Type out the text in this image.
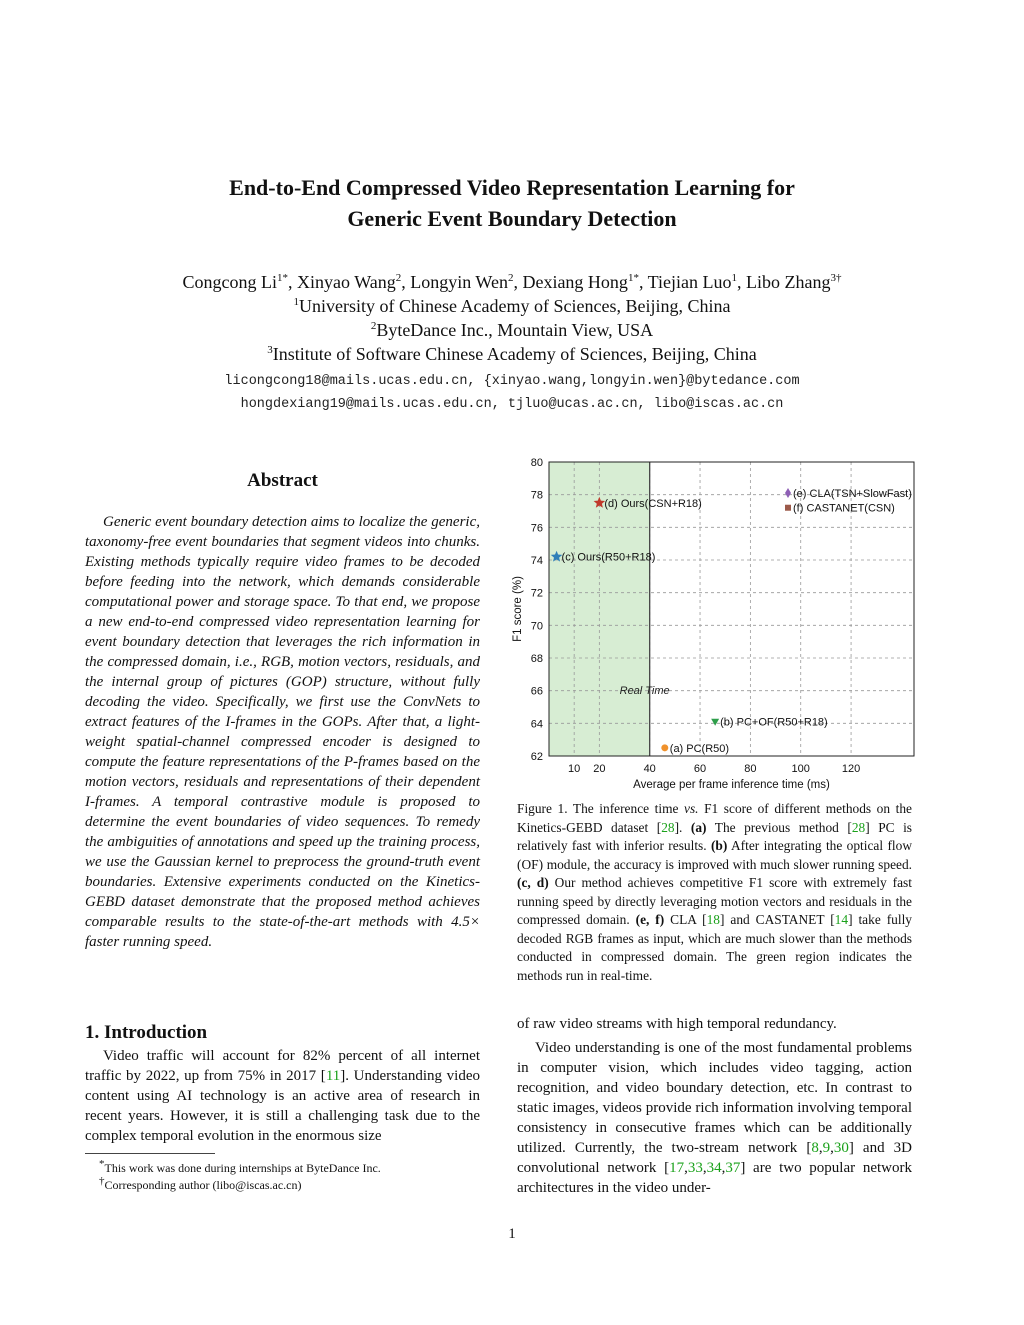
End-to-End Compressed Video Representation Learning for
Generic Event Boundary Detection
Congcong $Li^{1*}$, Xinyao Wang$^2$, Longyin Wen$^2$, Dexiang Hong$^{1*}$, Tiejian Luo$^1$, Libo Zhang$^{3\dagger}$
$^1$University of Chinese Academy of Sciences, Beijing, China
$^2$ByteDance Inc., Mountain View, USA
$^3$Institute of Software Chinese Academy of Sciences, Beijing, China
licongcong18@mails.ucas.edu.cn, {xinyao.wang,longyin.wen}@bytedance.com
hongdexiang19@mails.ucas.edu.cn, tjluo@ucas.ac.cn, libo@iscas.ac.cn
Abstract

Generic event boundary detection aims to localize the generic, taxonomy-free event boundaries that segment videos into chunks. Existing methods typically require video frames to be decoded before feeding into the network, which demands considerable computational power and storage space. To that end, we propose a new end-to-end compressed video representation learning for event boundary detection that leverages the rich information in the compressed domain, i.e., RGB, motion vectors, residuals, and the internal group of pictures (GOP) structure, without fully decoding the video. Specifically, we first use the ConvNets to extract features of the I-frames in the GOPs. After that, a light-weight spatial-channel compressed encoder is designed to compute the feature representations of the P-frames based on the motion vectors, residuals and representations of their dependent I-frames. A temporal contrastive module is proposed to determine the event boundaries of video sequences. To remedy the ambiguities of annotations and speed up the training process, we use the Gaussian kernel to preprocess the ground-truth event boundaries. Extensive experiments conducted on the Kinetics-GEBD dataset demonstrate that the proposed method achieves comparable results to the state-of-the-art methods with 4.5× faster running speed.

1. Introduction

Video traffic will account for 82% percent of all internet traffic by 2022, up from 75% in 2017 [11]. Understanding video content using AI technology is an active area of research in recent years. However, it is still a challenging task due to the complex temporal evolution in the enormous size

*This work was done during internships at ByteDance Inc.
†Corresponding author (libo@iscas.ac.cn)
62
64
66
68
70
72
74
76
78
80
10 20	40	60	80	100	120
Average per frame inference time (ms)
F1 score (%)
Real Time
(a) PC(R50)
(b) PC+OF(R50+R18)
(c) Ours(R50+R18)
(d) Ours(CSN+R18)
(e) CLA(TSN+SlowFast)
(f) CASTANET(CSN)
Figure 1. The inference time vs. F1 score of different methods on the Kinetics-GEBD dataset [28]. (a) The previous method [28] PC is relatively fast with inferior results. (b) After integrating the optical flow (OF) module, the accuracy is improved with much slower running speed. (c, d) Our method achieves competitive F1 score with extremely fast running speed by directly leveraging motion vectors and residuals in the compressed domain. (e, f) CLA [18] and CASTANET [14] take fully decoded RGB frames as input, which are much slower than the methods conducted in compressed domain. The green region indicates the methods run in real-time.

of raw video streams with high temporal redundancy.

Video understanding is one of the most fundamental problems in computer vision, which includes video tagging, action recognition, and video boundary detection, etc. In contrast to static images, videos provide rich information involving temporal consistency in consecutive frames which can be additionally utilized. Currently, the two-stream network [8,9,30] and 3D convolutional network [17,33,34,37] are two popular network architectures in the video under-

1
